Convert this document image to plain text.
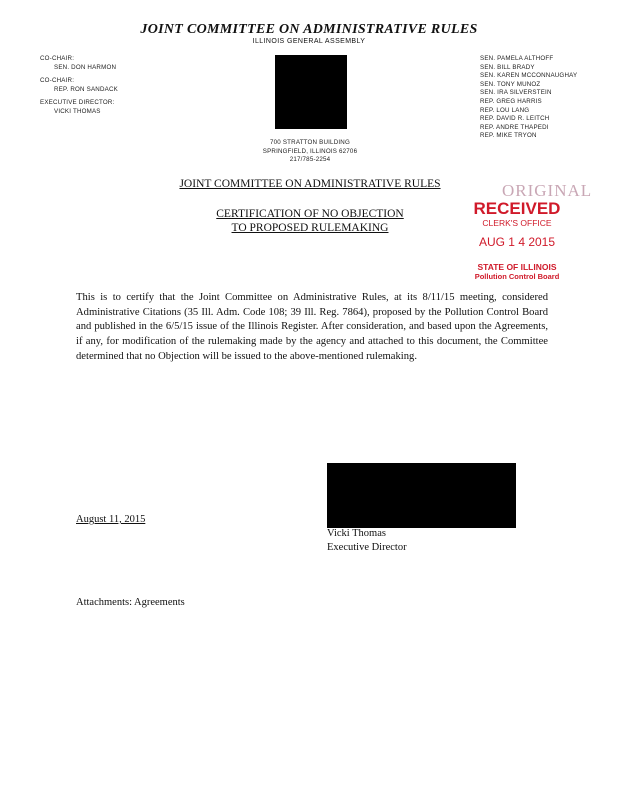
JOINT COMMITTEE ON ADMINISTRATIVE RULES
ILLINOIS GENERAL ASSEMBLY
CO-CHAIR:
SEN. DON HARMON
CO-CHAIR:
REP. RON SANDACK
EXECUTIVE DIRECTOR:
VICKI THOMAS
700 STRATTON BUILDING
SPRINGFIELD, ILLINOIS 62706
217/785-2254
SEN. PAMELA ALTHOFF
SEN. BILL BRADY
SEN. KAREN MCCONNAUGHAY
SEN. TONY MUNOZ
SEN. IRA SILVERSTEIN
REP. GREG HARRIS
REP. LOU LANG
REP. DAVID R. LEITCH
REP. ANDRE THAPEDI
REP. MIKE TRYON
ORIGINAL
RECEIVED
CLERK'S OFFICE
AUG 1 4 2015
STATE OF ILLINOIS
Pollution Control Board
JOINT COMMITTEE ON ADMINISTRATIVE RULES
CERTIFICATION OF NO OBJECTION
TO PROPOSED RULEMAKING
This is to certify that the Joint Committee on Administrative Rules, at its 8/11/15 meeting, considered Administrative Citations (35 Ill. Adm. Code 108; 39 Ill. Reg. 7864), proposed by the Pollution Control Board and published in the 6/5/15 issue of the Illinois Register. After consideration, and based upon the Agreements, if any, for modification of the rulemaking made by the agency and attached to this document, the Committee determined that no Objection will be issued to the above-mentioned rulemaking.
August 11, 2015
Vicki Thomas
Executive Director
Attachments: Agreements
